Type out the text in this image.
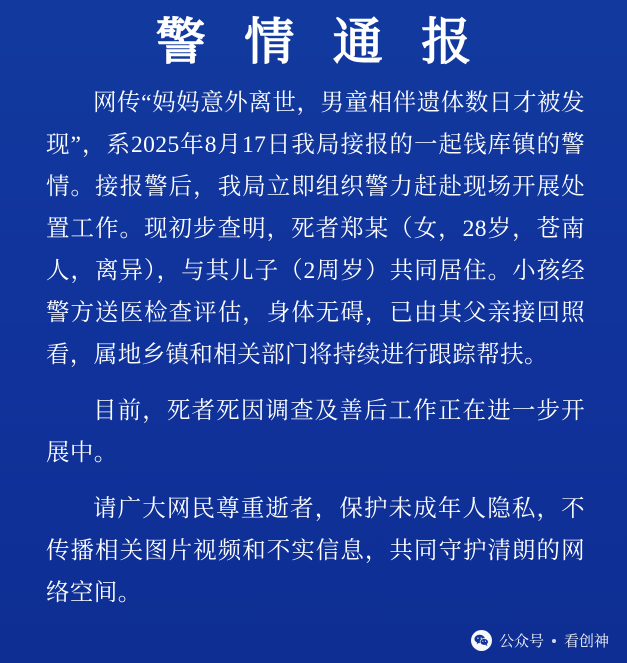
警 情 通 报

网传“妈妈意外离世，男童相伴遗体数日才被发现”，系2025年8月17日我局接报的一起钱库镇的警情。接报警后，我局立即组织警力赶赴现场开展处置工作。现初步查明，死者郑某（女，28岁，苍南人，离异），与其儿子（2周岁）共同居住。小孩经警方送医检查评估，身体无碍，已由其父亲接回照看，属地乡镇和相关部门将持续进行跟踪帮扶。

目前，死者死因调查及善后工作正在进一步开展中。

请广大网民尊重逝者，保护未成年人隐私，不传播相关图片视频和不实信息，共同守护清朗的网络空间。

公众号 看创神
